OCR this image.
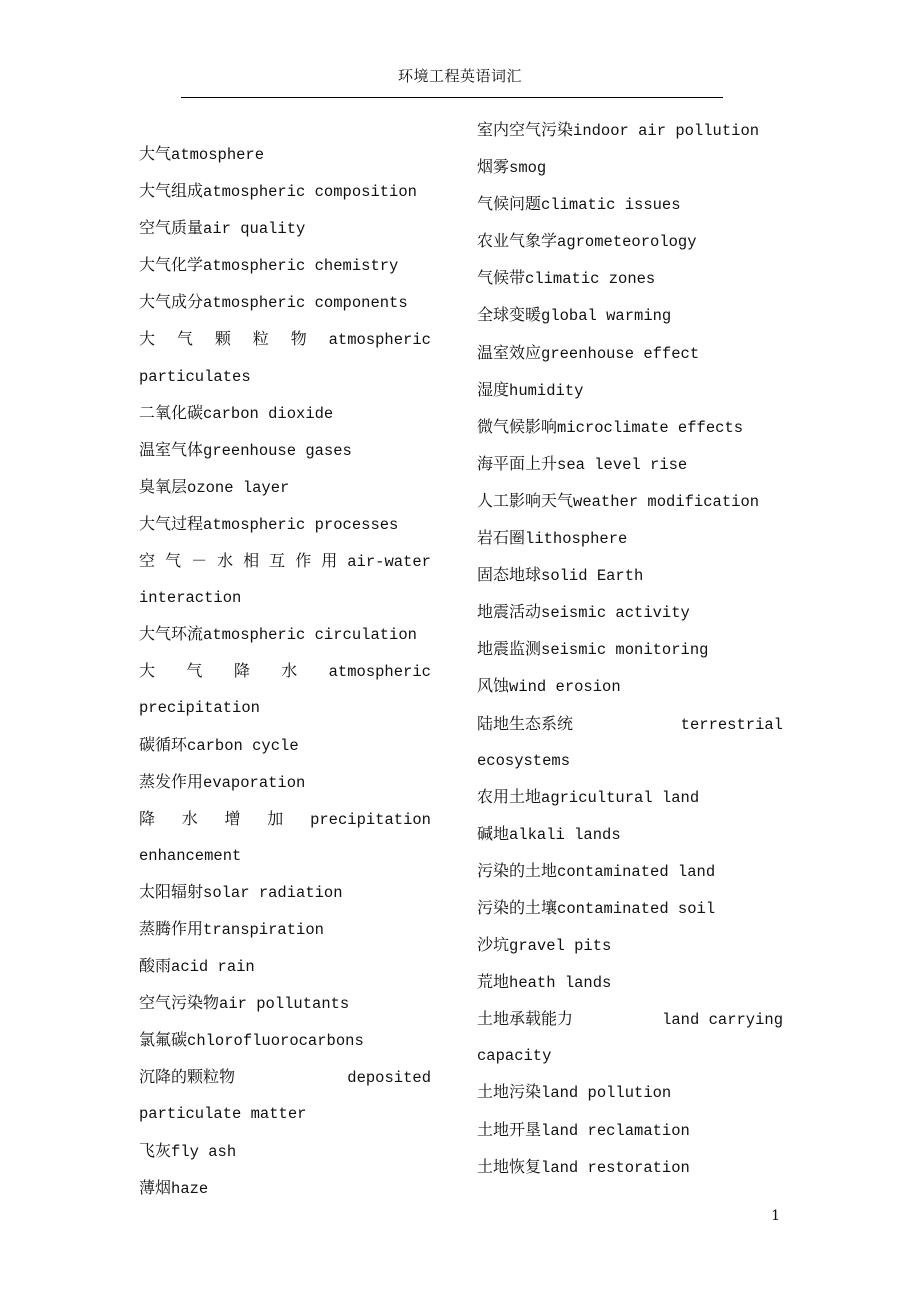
环境工程英语词汇
大气atmosphere
大气组成atmospheric composition
空气质量air quality
大气化学atmospheric chemistry
大气成分atmospheric components
大 气 颗 粒 物 atmospheric
particulates
二氧化碳carbon dioxide
温室气体greenhouse gases
臭氧层ozone layer
大气过程atmospheric processes
空 气 － 水 相 互 作 用 air-water
interaction
大气环流atmospheric circulation
大 气 降 水 atmospheric
precipitation
碳循环carbon cycle
蒸发作用evaporation
降 水 增 加 precipitation
enhancement
太阳辐射solar radiation
蒸腾作用transpiration
酸雨acid rain
空气污染物air pollutants
氯氟碳chlorofluorocarbons
沉降的颗粒物	deposited
particulate matter
飞灰fly ash
薄烟haze
室内空气污染indoor air pollution
烟雾smog
气候问题climatic issues
农业气象学agrometeorology
气候带climatic zones
全球变暖global warming
温室效应greenhouse effect
湿度humidity
微气候影响microclimate effects
海平面上升sea level rise
人工影响天气weather modification
岩石圈lithosphere
固态地球solid Earth
地震活动seismic activity
地震监测seismic monitoring
风蚀wind erosion
陆地生态系统	terrestrial
ecosystems
农用土地agricultural land
碱地alkali lands
污染的土地contaminated land
污染的土壤contaminated soil
沙坑gravel pits
荒地heath lands
土地承载能力	land carrying
capacity
土地污染land pollution
土地开垦land reclamation
土地恢复land restoration
1
